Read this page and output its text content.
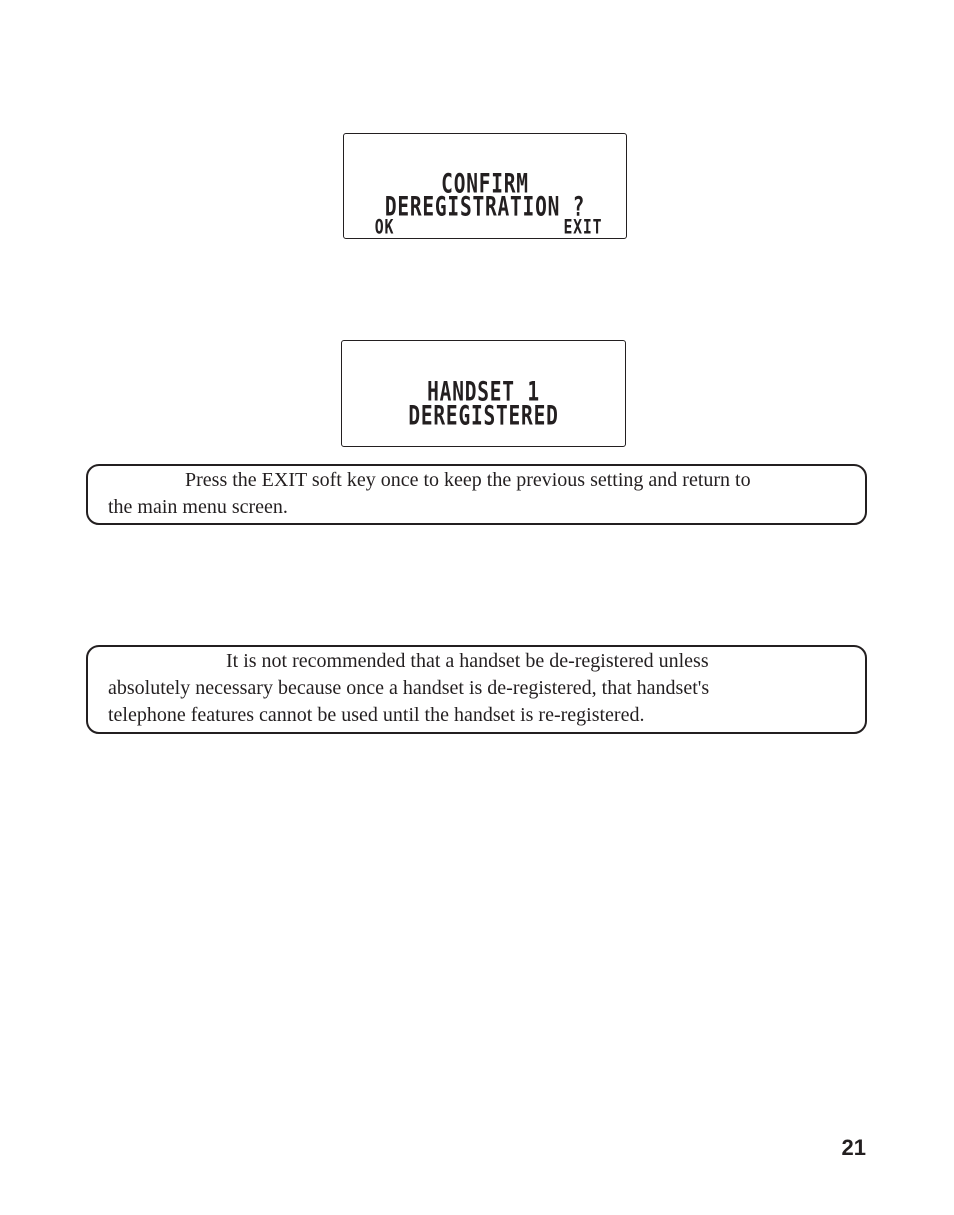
CONFIRM
DEREGISTRATION ?
OK	EXIT
HANDSET 1
DEREGISTERED
Press the EXIT soft key once to keep the previous setting and return to
the main menu screen.
It is not recommended that a handset be de-registered unless
absolutely necessary because once a handset is de-registered, that handset's
telephone features cannot be used until the handset is re-registered.
21
